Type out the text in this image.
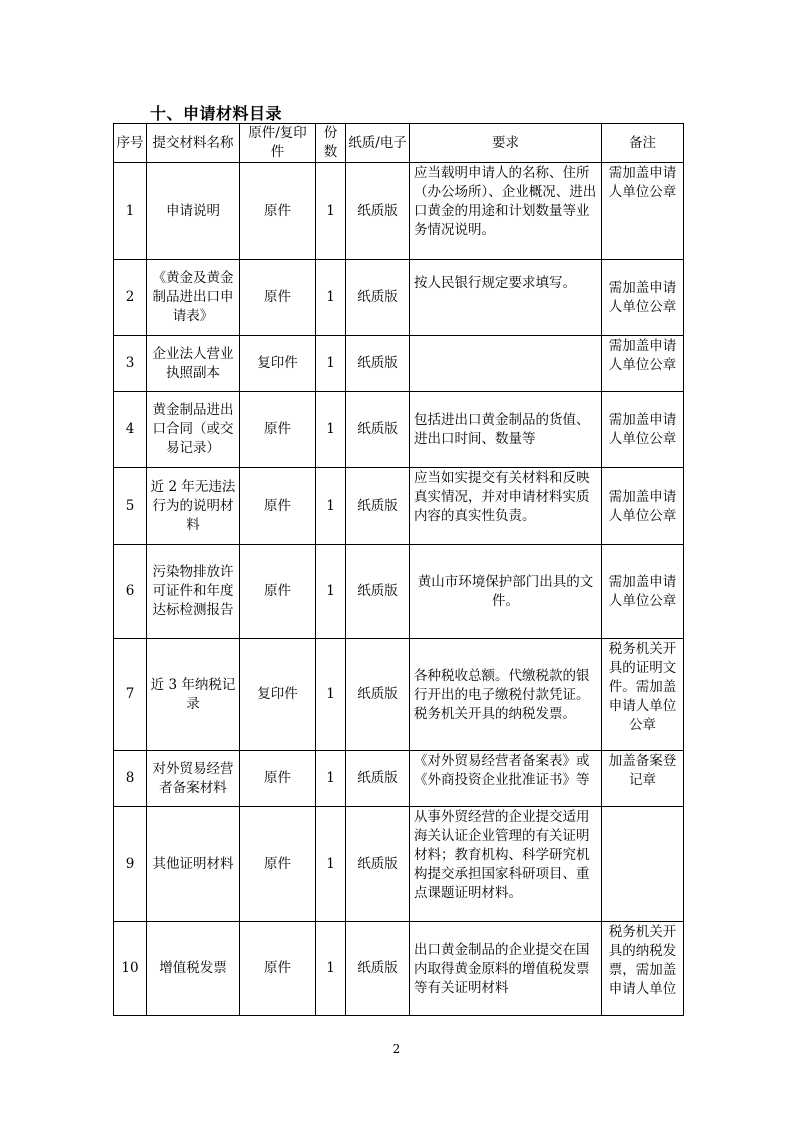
十、申请材料目录
序号	提交材料名称	原件/复印件	份数	纸质/电子	要求	备注
1	申请说明	原件	1	纸质版	应当载明申请人的名称、住所（办公场所）、企业概况、进出口黄金的用途和计划数量等业务情况说明。	需加盖申请人单位公章
2	《黄金及黄金制品进出口申请表》	原件	1	纸质版	按人民银行规定要求填写。	需加盖申请人单位公章
3	企业法人营业执照副本	复印件	1	纸质版		需加盖申请人单位公章
4	黄金制品进出口合同（或交易记录）	原件	1	纸质版	包括进出口黄金制品的货值、进出口时间、数量等	需加盖申请人单位公章
5	近 2 年无违法行为的说明材料	原件	1	纸质版	应当如实提交有关材料和反映真实情况，并对申请材料实质内容的真实性负责。	需加盖申请人单位公章
6	污染物排放许可证件和年度达标检测报告	原件	1	纸质版	黄山市环境保护部门出具的文件。	需加盖申请人单位公章
7	近 3 年纳税记录	复印件	1	纸质版	各种税收总额。代缴税款的银行开出的电子缴税付款凭证。税务机关开具的纳税发票。	税务机关开具的证明文件。需加盖申请人单位公章
8	对外贸易经营者备案材料	原件	1	纸质版	《对外贸易经营者备案表》或《外商投资企业批准证书》等	加盖备案登记章
9	其他证明材料	原件	1	纸质版	从事外贸经营的企业提交适用海关认证企业管理的有关证明材料；教育机构、科学研究机构提交承担国家科研项目、重点课题证明材料。	
10	增值税发票	原件	1	纸质版	出口黄金制品的企业提交在国内取得黄金原料的增值税发票等有关证明材料	税务机关开具的纳税发票，需加盖申请人单位
2
